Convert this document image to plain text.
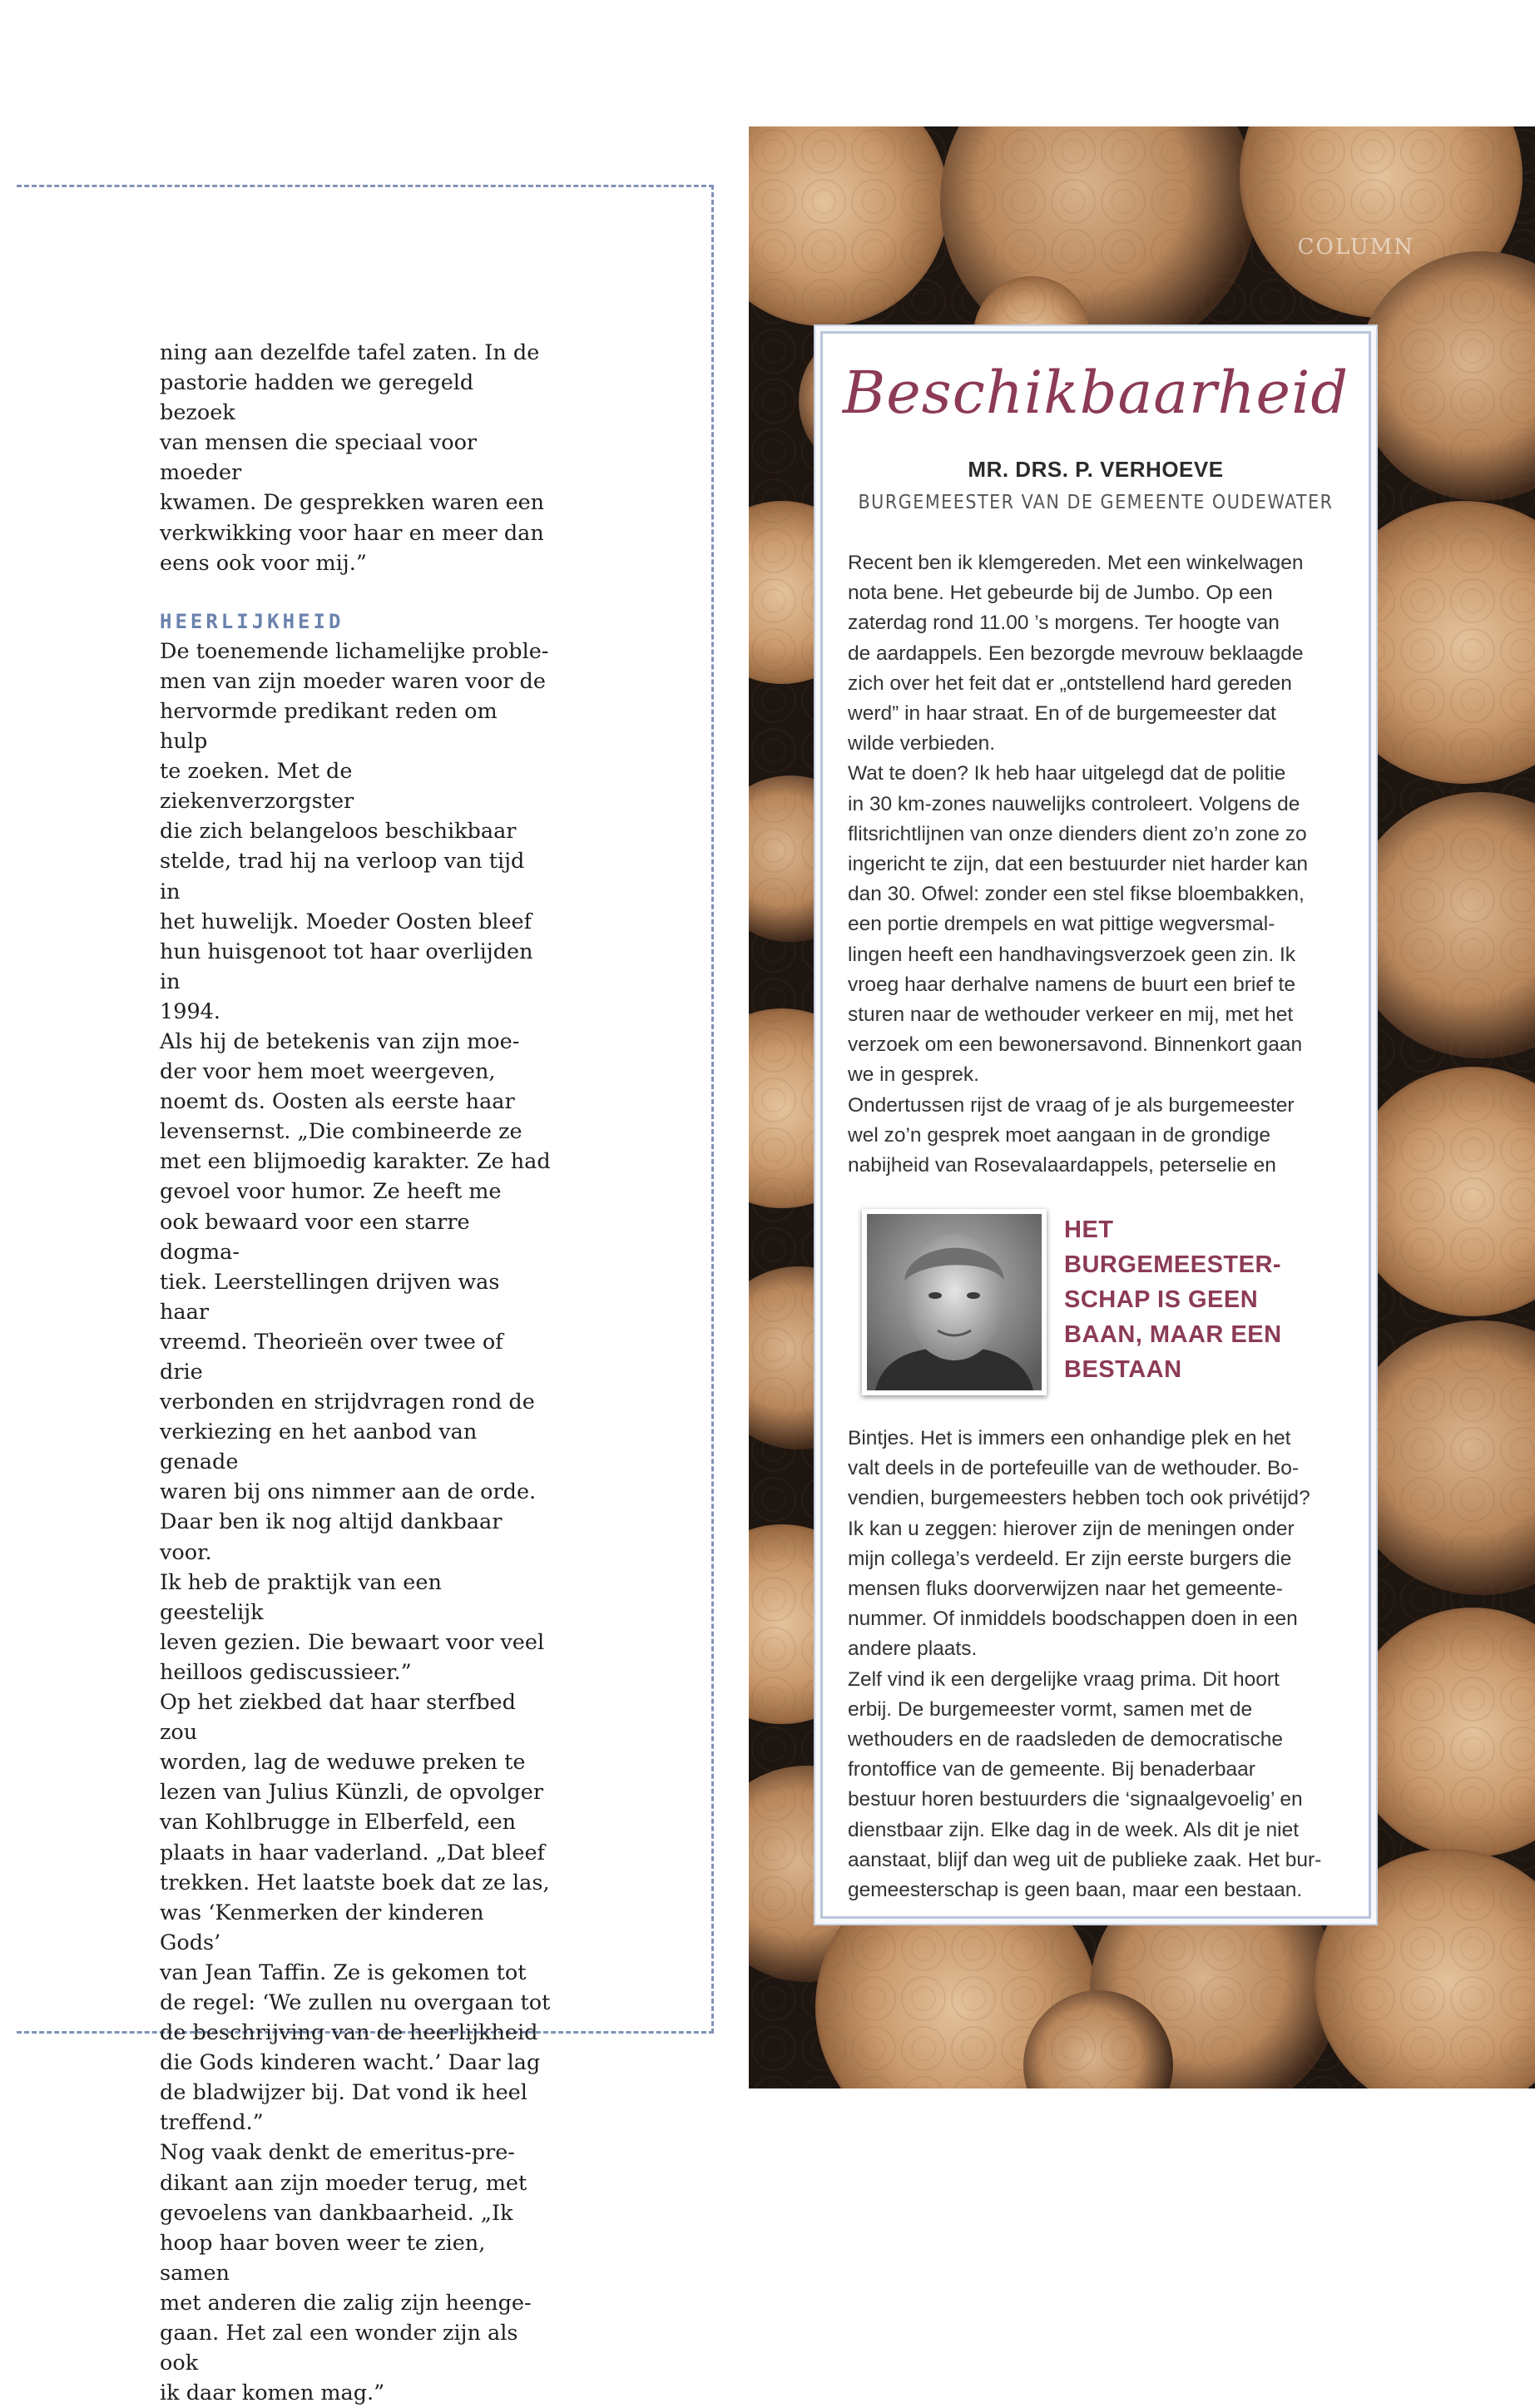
ning aan dezelfde tafel zaten. In de
pastorie hadden we geregeld bezoek
van mensen die speciaal voor moeder
kwamen. De gesprekken waren een
verkwikking voor haar en meer dan
eens ook voor mij.”

HEERLIJKHEID

De toenemende lichamelijke proble-
men van zijn moeder waren voor de
hervormde predikant reden om hulp
te zoeken. Met de ziekenverzorgster
die zich belangeloos beschikbaar
stelde, trad hij na verloop van tijd in
het huwelijk. Moeder Oosten bleef
hun huisgenoot tot haar overlijden in
1994.

Als hij de betekenis van zijn moe-
der voor hem moet weergeven,
noemt ds. Oosten als eerste haar
levensernst. „Die combineerde ze
met een blijmoedig karakter. Ze had
gevoel voor humor. Ze heeft me
ook bewaard voor een starre dogma-
tiek. Leerstellingen drijven was haar
vreemd. Theorieën over twee of drie
verbonden en strijdvragen rond de
verkiezing en het aanbod van genade
waren bij ons nimmer aan de orde.
Daar ben ik nog altijd dankbaar voor.
Ik heb de praktijk van een geestelijk
leven gezien. Die bewaart voor veel
heilloos gediscussieer.”

Op het ziekbed dat haar sterfbed zou
worden, lag de weduwe preken te
lezen van Julius Künzli, de opvolger
van Kohlbrugge in Elberfeld, een
plaats in haar vaderland. „Dat bleef
trekken. Het laatste boek dat ze las,
was ‘Kenmerken der kinderen Gods’
van Jean Taffin. Ze is gekomen tot
de regel: ‘We zullen nu overgaan tot
de beschrijving van de heerlijkheid
die Gods kinderen wacht.’ Daar lag
de bladwijzer bij. Dat vond ik heel
treffend.”

Nog vaak denkt de emeritus-pre-
dikant aan zijn moeder terug, met
gevoelens van dankbaarheid. „Ik
hoop haar boven weer te zien, samen
met anderen die zalig zijn heenge-
gaan. Het zal een wonder zijn als ook
ik daar komen mag.”

COLUMN
Beschikbaarheid
MR. DRS. P. VERHOEVE
BURGEMEESTER VAN DE GEMEENTE OUDEWATER

Recent ben ik klemgereden. Met een winkelwagen
nota bene. Het gebeurde bij de Jumbo. Op een
zaterdag rond 11.00 ’s morgens. Ter hoogte van
de aardappels. Een bezorgde mevrouw beklaagde
zich over het feit dat er „ontstellend hard gereden
werd” in haar straat. En of de burgemeester dat
wilde verbieden.

Wat te doen? Ik heb haar uitgelegd dat de politie
in 30 km-zones nauwelijks controleert. Volgens de
flitsrichtlijnen van onze dienders dient zo’n zone zo
ingericht te zijn, dat een bestuurder niet harder kan
dan 30. Ofwel: zonder een stel fikse bloembakken,
een portie drempels en wat pittige wegversmal-
lingen heeft een handhavingsverzoek geen zin. Ik
vroeg haar derhalve namens de buurt een brief te
sturen naar de wethouder verkeer en mij, met het
verzoek om een bewonersavond. Binnenkort gaan
we in gesprek.

Ondertussen rijst de vraag of je als burgemeester
wel zo’n gesprek moet aangaan in de grondige
nabijheid van Rosevalaardappels, peterselie en

HET
BURGEMEESTER-
SCHAP IS GEEN
BAAN, MAAR EEN
BESTAAN

Bintjes. Het is immers een onhandige plek en het
valt deels in de portefeuille van de wethouder. Bo-
vendien, burgemeesters hebben toch ook privétijd?
Ik kan u zeggen: hierover zijn de meningen onder
mijn collega’s verdeeld. Er zijn eerste burgers die
mensen fluks doorverwijzen naar het gemeente-
nummer. Of inmiddels boodschappen doen in een
andere plaats.

Zelf vind ik een dergelijke vraag prima. Dit hoort
erbij. De burgemeester vormt, samen met de
wethouders en de raadsleden de democratische
frontoffice van de gemeente. Bij benaderbaar
bestuur horen bestuurders die ‘signaalgevoelig’ en
dienstbaar zijn. Elke dag in de week. Als dit je niet
aanstaat, blijf dan weg uit de publieke zaak. Het bur-
gemeesterschap is geen baan, maar een bestaan.
